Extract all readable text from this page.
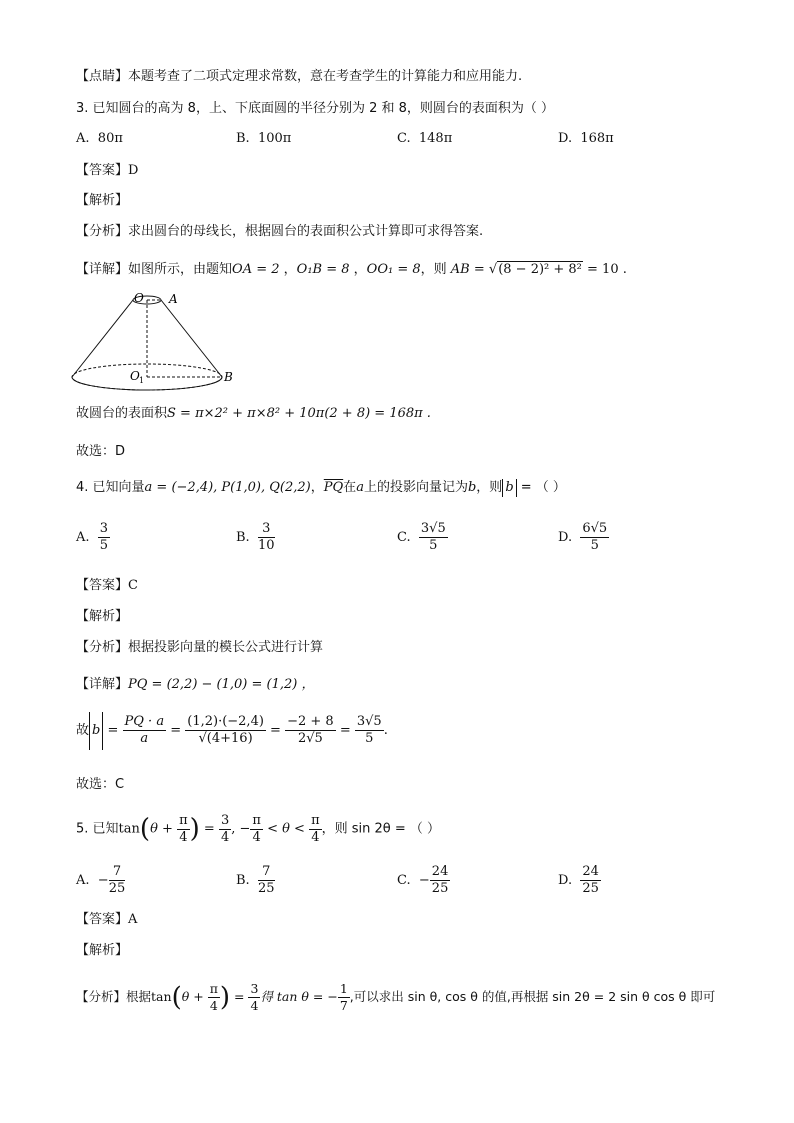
【点睛】本题考查了二项式定理求常数，意在考查学生的计算能力和应用能力.
3. 已知圆台的高为 8，上、下底面圆的半径分别为 2 和 8，则圆台的表面积为（ ）
A. 80π	B. 100π	C. 148π	D. 168π
【答案】D
【解析】
【分析】求出圆台的母线长，根据圆台的表面积公式计算即可求得答案.
【详解】如图所示，由题知OA = 2 ，O₁B = 8 ，OO₁ = 8，则 AB = √(8 − 2)² + 8² = 10 .
O A
O 1	B
故圆台的表面积S = π×2² + π×8² + 10π(2 + 8) = 168π .
故选：D
4. 已知向量a = (−2,4), P(1,0), Q(2,2)，$\overline{PQ}$在a上的投影向量记为b，则 b = （ ）
A. $\frac{3}{5}$	B. $\frac{3}{10}$	C. $\frac{3√5}{5}$	D. $\frac{6√5}{5}$
【答案】C
【解析】
【分析】根据投影向量的模长公式进行计算
【详解】PQ = (2,2) − (1,0) = (1,2) ，
故 $b = \frac{PQ \cdot a}{a} = \frac{(1,2)\cdot(-2,4)}{√(4+16)} = \frac{-2 + 8}{2√5} = \frac{3√5}{5}$ .
故选：C
5. 已知$\tan(\theta + \frac{\pi}{4}$ ) = $\frac{3}{4}$ , − $\frac{\pi}{4} < \theta < \frac{\pi}{4}$ ，则 sin 2θ = （ ）
A. − $\frac{7}{25}$	B. $\frac{7}{25}$	C. − $\frac{24}{25}$	D. $\frac{24}{25}$
【答案】A
【解析】
【分析】根据$\tan(\theta + \frac{\pi}{4}$ ) = $\frac{3}{4}$ 得 tan θ = − $\frac{1}{7}$ ,可以求出 sin θ, cos θ 的值,再根据 sin 2θ = 2 sin θ cos θ 即可
